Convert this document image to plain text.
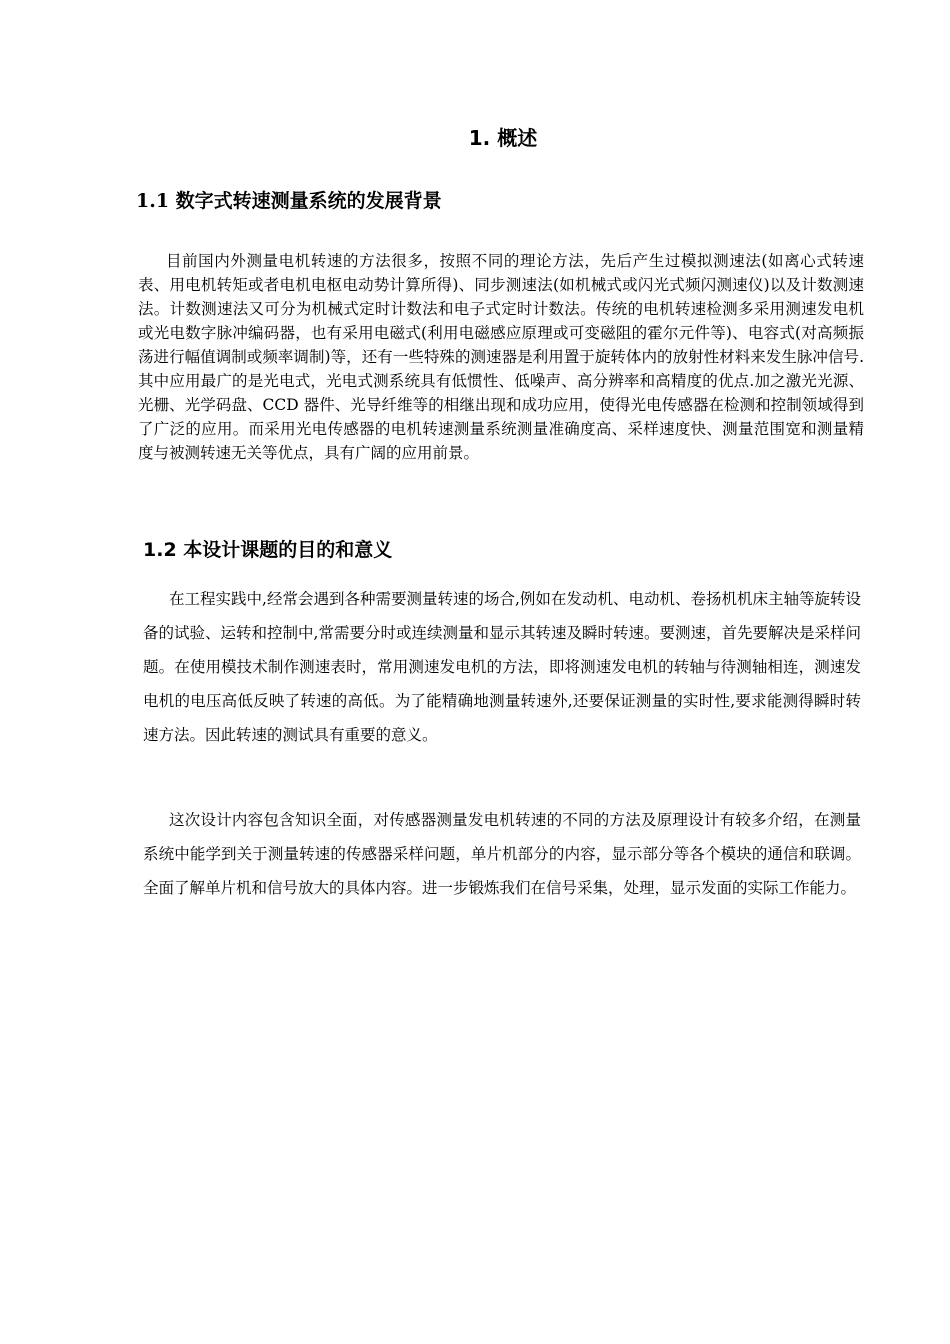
1. 概述
1.1 数字式转速测量系统的发展背景

目前国内外测量电机转速的方法很多，按照不同的理论方法，先后产生过模拟测速法(如离心式转速表、用电机转矩或者电机电枢电动势计算所得)、同步测速法(如机械式或闪光式频闪测速仪)以及计数测速法。计数测速法又可分为机械式定时计数法和电子式定时计数法。传统的电机转速检测多采用测速发电机或光电数字脉冲编码器，也有采用电磁式(利用电磁感应原理或可变磁阻的霍尔元件等)、电容式(对高频振荡进行幅值调制或频率调制)等，还有一些特殊的测速器是利用置于旋转体内的放射性材料来发生脉冲信号.其中应用最广的是光电式，光电式测系统具有低惯性、低噪声、高分辨率和高精度的优点.加之激光光源、光栅、光学码盘、CCD 器件、光导纤维等的相继出现和成功应用，使得光电传感器在检测和控制领域得到了广泛的应用。而采用光电传感器的电机转速测量系统测量准确度高、采样速度快、测量范围宽和测量精度与被测转速无关等优点，具有广阔的应用前景。

1.2 本设计课题的目的和意义

在工程实践中,经常会遇到各种需要测量转速的场合,例如在发动机、电动机、卷扬机机床主轴等旋转设备的试验、运转和控制中,常需要分时或连续测量和显示其转速及瞬时转速。要测速，首先要解决是采样问题。在使用模技术制作测速表时，常用测速发电机的方法，即将测速发电机的转轴与待测轴相连，测速发电机的电压高低反映了转速的高低。为了能精确地测量转速外,还要保证测量的实时性,要求能测得瞬时转速方法。因此转速的测试具有重要的意义。

这次设计内容包含知识全面，对传感器测量发电机转速的不同的方法及原理设计有较多介绍，在测量系统中能学到关于测量转速的传感器采样问题，单片机部分的内容，显示部分等各个模块的通信和联调。全面了解单片机和信号放大的具体内容。进一步锻炼我们在信号采集，处理，显示发面的实际工作能力。
